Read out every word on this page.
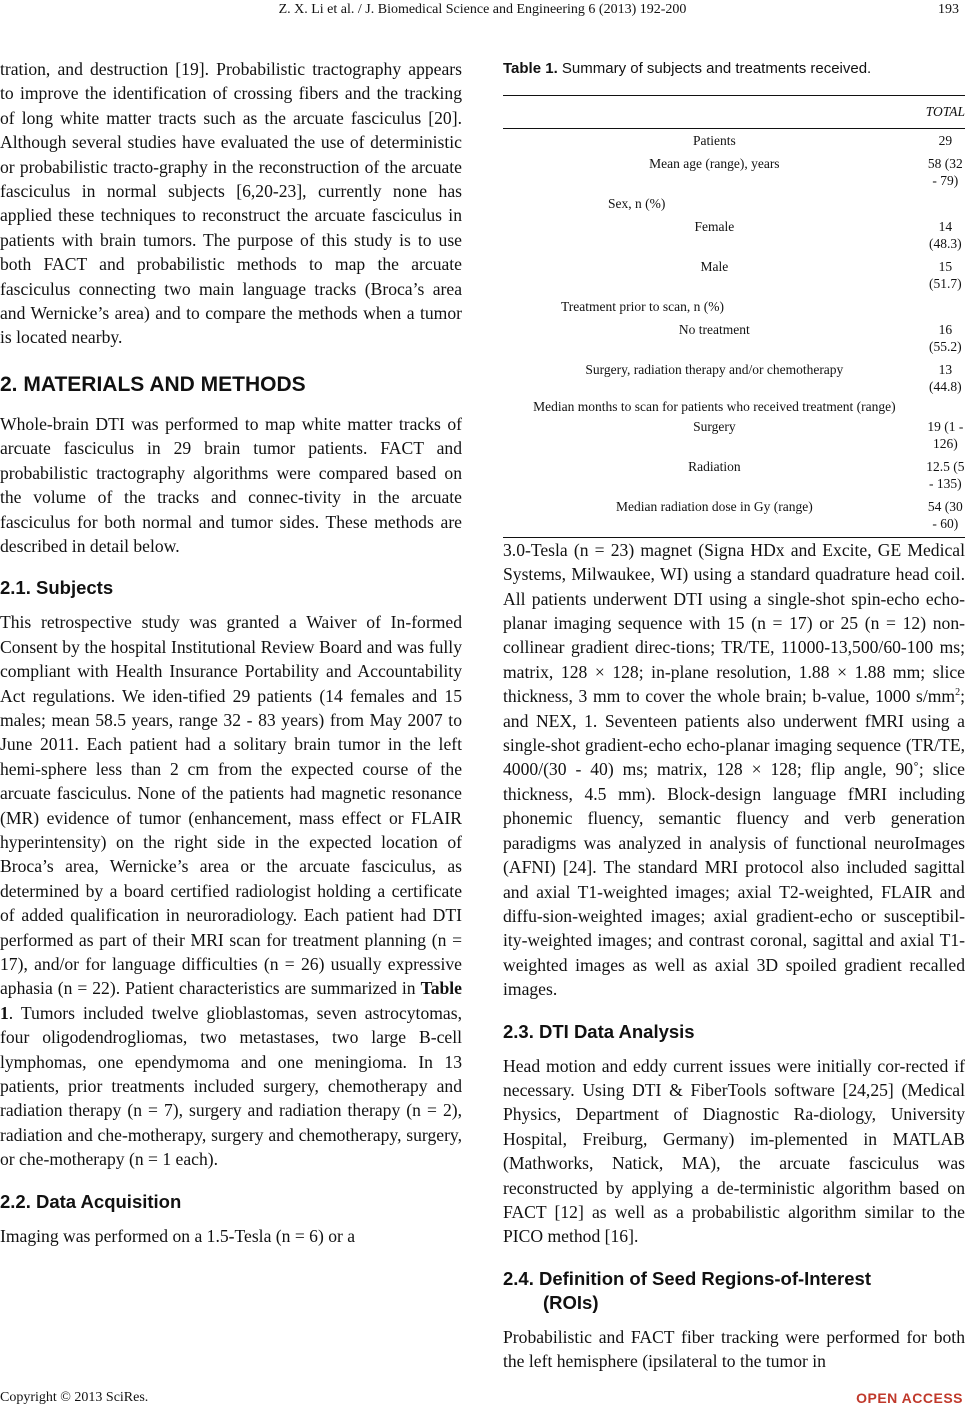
Z. X. Li et al. / J. Biomedical Science and Engineering 6 (2013) 192-200	193

tration, and destruction [19]. Probabilistic tractography appears to improve the identification of crossing fibers and the tracking of long white matter tracts such as the arcuate fasciculus [20]. Although several studies have evaluated the use of deterministic or probabilistic tracto-graphy in the reconstruction of the arcuate fasciculus in normal subjects [6,20-23], currently none has applied these techniques to reconstruct the arcuate fasciculus in patients with brain tumors. The purpose of this study is to use both FACT and probabilistic methods to map the arcuate fasciculus connecting two main language tracks (Broca’s area and Wernicke’s area) and to compare the methods when a tumor is located nearby.

2. MATERIALS AND METHODS

Whole-brain DTI was performed to map white matter tracks of arcuate fasciculus in 29 brain tumor patients. FACT and probabilistic tractography algorithms were compared based on the volume of the tracks and connec-tivity in the arcuate fasciculus for both normal and tumor sides. These methods are described in detail below.

2.1. Subjects

This retrospective study was granted a Waiver of In-formed Consent by the hospital Institutional Review Board and was fully compliant with Health Insurance Portability and Accountability Act regulations. We iden-tified 29 patients (14 females and 15 males; mean 58.5 years, range 32 - 83 years) from May 2007 to June 2011. Each patient had a solitary brain tumor in the left hemi-sphere less than 2 cm from the expected course of the arcuate fasciculus. None of the patients had magnetic resonance (MR) evidence of tumor (enhancement, mass effect or FLAIR hyperintensity) on the right side in the expected location of Broca’s area, Wernicke’s area or the arcuate fasciculus, as determined by a board certified radiologist holding a certificate of added qualification in neuroradiology. Each patient had DTI performed as part of their MRI scan for treatment planning (n = 17), and/or for language difficulties (n = 26) usually expressive aphasia (n = 22). Patient characteristics are summarized in Table 1. Tumors included twelve glioblastomas, seven astrocytomas, four oligodendrogliomas, two metastases, two large B-cell lymphomas, one ependymoma and one meningioma. In 13 patients, prior treatments included surgery, chemotherapy and radiation therapy (n = 7), surgery and radiation therapy (n = 2), radiation and che-motherapy, surgery and chemotherapy, surgery, or che-motherapy (n = 1 each).

2.2. Data Acquisition

Imaging was performed on a 1.5-Tesla (n = 6) or a

Table 1. Summary of subjects and treatments received.
	TOTAL
Patients	29
Mean age (range), years	58 (32 - 79)
Sex, n (%)	
Female	14 (48.3)
Male	15 (51.7)
Treatment prior to scan, n (%)	
No treatment	16 (55.2)
Surgery, radiation therapy and/or chemotherapy	13 (44.8)
Median months to scan for patients who received treatment (range)	
Surgery	19 (1 - 126)
Radiation	12.5 (5 - 135)
Median radiation dose in Gy (range)	54 (30 - 60)

3.0-Tesla (n = 23) magnet (Signa HDx and Excite, GE Medical Systems, Milwaukee, WI) using a standard quadrature head coil. All patients underwent DTI using a single-shot spin-echo echo-planar imaging sequence with 15 (n = 17) or 25 (n = 12) non-collinear gradient direc-tions; TR/TE, 11000-13,500/60-100 ms; matrix, 128 × 128; in-plane resolution, 1.88 × 1.88 mm; slice thickness, 3 mm to cover the whole brain; b-value, 1000 $s/mm^2$; and NEX, 1. Seventeen patients also underwent fMRI using a single-shot gradient-echo echo-planar imaging sequence (TR/TE, 4000/(30 - 40) ms; matrix, 128 × 128; flip angle, 90˚; slice thickness, 4.5 mm). Block-design language fMRI including phonemic fluency, semantic fluency and verb generation paradigms was analyzed in analysis of functional neuroImages (AFNI) [24]. The standard MRI protocol also included sagittal and axial T1-weighted images; axial T2-weighted, FLAIR and diffu-sion-weighted images; axial gradient-echo or susceptibil-ity-weighted images; and contrast coronal, sagittal and axial T1-weighted images as well as axial 3D spoiled gradient recalled images.

2.3. DTI Data Analysis

Head motion and eddy current issues were initially cor-rected if necessary. Using DTI & FiberTools software [24,25] (Medical Physics, Department of Diagnostic Ra-diology, University Hospital, Freiburg, Germany) im-plemented in MATLAB (Mathworks, Natick, MA), the arcuate fasciculus was reconstructed by applying a de-terministic algorithm based on FACT [12] as well as a probabilistic algorithm similar to the PICO method [16].

2.4. Definition of Seed Regions-of-Interest
(ROIs)

Probabilistic and FACT fiber tracking were performed for both the left hemisphere (ipsilateral to the tumor in

Copyright © 2013 SciRes.	OPEN ACCESS
